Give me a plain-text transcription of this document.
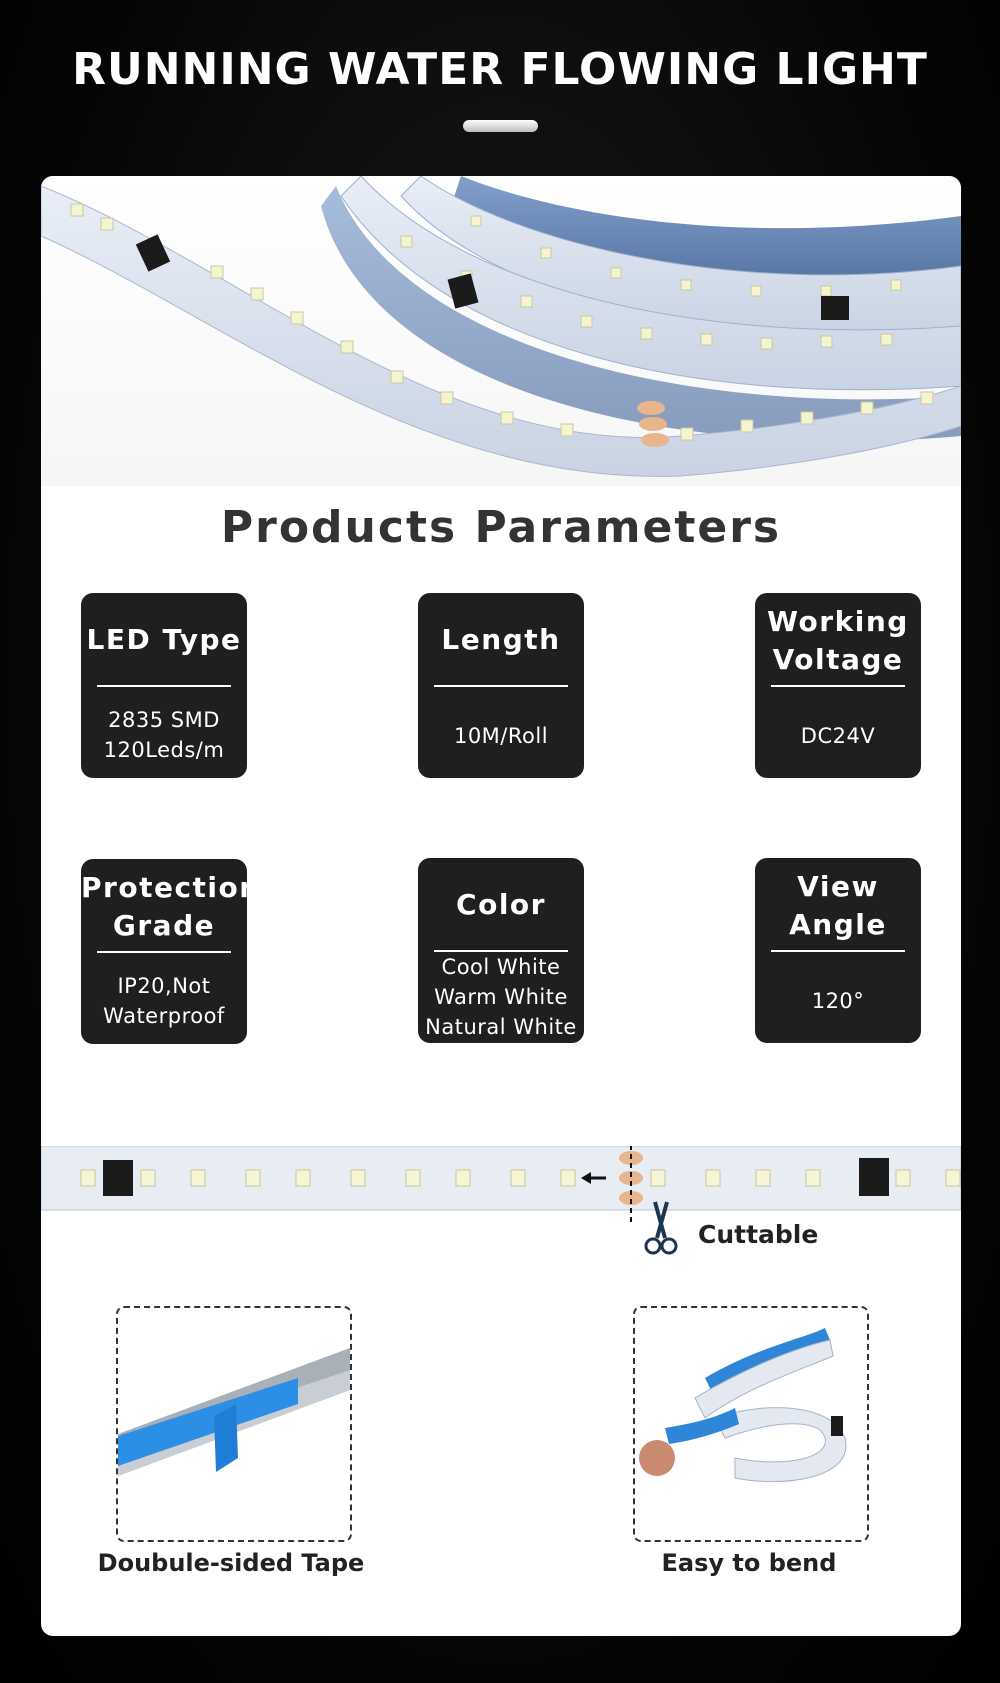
RUNNING WATER FLOWING LIGHT
Products Parameters
LED Type
2835 SMD
120Leds/m
Length
10M/Roll
Working
Voltage
DC24V
Protection
Grade
IP20,Not
Waterproof
Color
Cool White
Warm White
Natural White
View
Angle
120°
Cuttable
Doubule-sided Tape	Easy to bend
